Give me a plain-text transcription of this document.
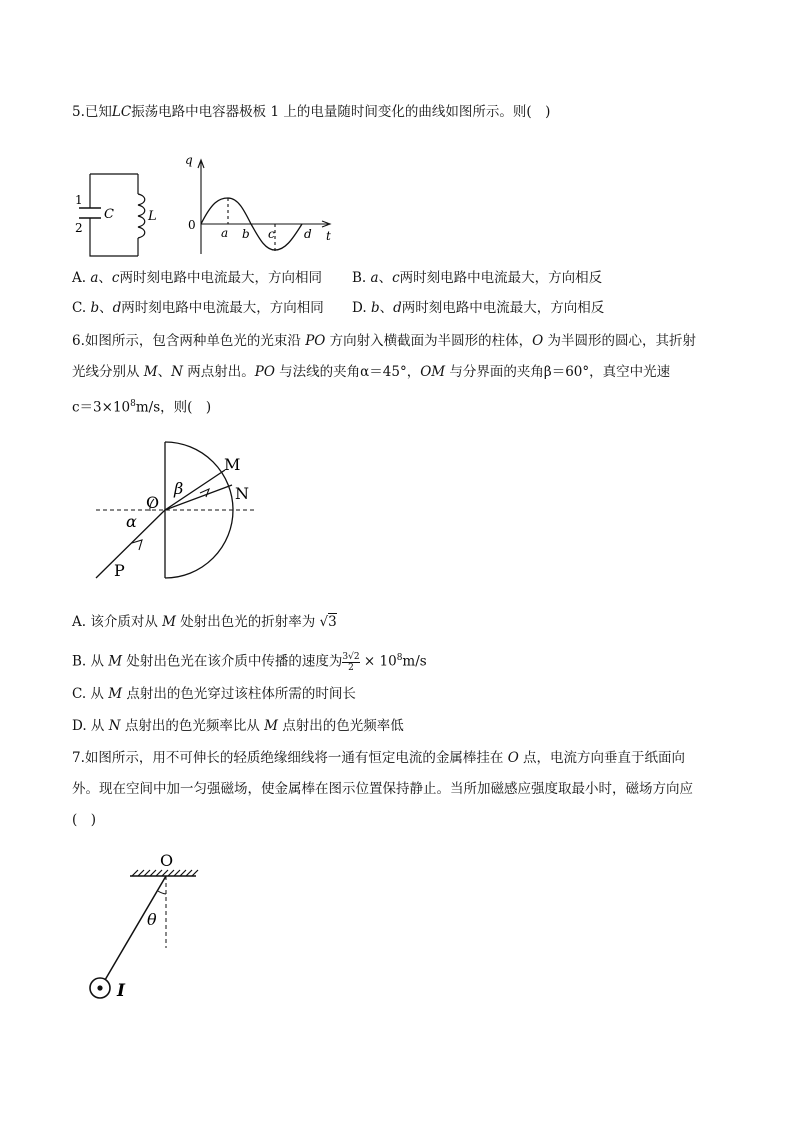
5.已知LC振荡电路中电容器极板 1 上的电量随时间变化的曲线如图所示。则(　)
1
2
C	L
q
t
0
a b c d
A. a、c两时刻电路中电流最大，方向相同 B. a、c两时刻电路中电流最大，方向相反
C. b、d两时刻电路中电流最大，方向相同 D. b、d两时刻电路中电流最大，方向相反
6.如图所示，包含两种单色光的光束沿 PO 方向射入横截面为半圆形的柱体，O 为半圆形的圆心，其折射
光线分别从 M、N 两点射出。PO 与法线的夹角α＝45°，OM 与分界面的夹角β＝60°，真空中光速
$c=3\times 10^8m/s$，则(　)
M
N
O
P
α
β
A. 该介质对从 M 处射出色光的折射率为 √3
B. 从 M 处射出色光在该介质中传播的速度为 $\frac{3√2}{2} \times 10^8m/s$
C. 从 M 点射出的色光穿过该柱体所需的时间长
D. 从 N 点射出的色光频率比从 M 点射出的色光频率低
7.如图所示，用不可伸长的轻质绝缘细线将一通有恒定电流的金属棒挂在 O 点，电流方向垂直于纸面向
外。现在空间中加一匀强磁场，使金属棒在图示位置保持静止。当所加磁感应强度取最小时，磁场方向应
(　)
O
θ
I
